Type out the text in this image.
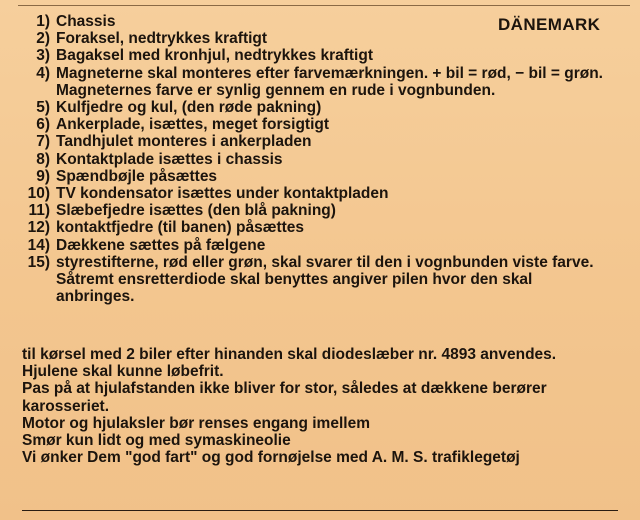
DÄNEMARK
1) Chassis
2) Foraksel, nedtrykkes kraftigt
3) Bagaksel med kronhjul, nedtrykkes kraftigt
4) Magneterne skal monteres efter farvemærkningen. + bil = rød, − bil = grøn. Magneternes farve er synlig gennem en rude i vognbunden.
5) Kulfjedre og kul, (den røde pakning)
6) Ankerplade, isættes, meget forsigtigt
7) Tandhjulet monteres i ankerpladen
8) Kontaktplade isættes i chassis
9) Spændbøjle påsættes
10) TV kondensator isættes under kontaktpladen
11) Slæbefjedre isættes (den blå pakning)
12) kontaktfjedre (til banen) påsættes
14) Dækkene sættes på fælgene
15) styrestifterne, rød eller grøn, skal svarer til den i vognbunden viste farve. Såtremt ensretterdiode skal benyttes angiver pilen hvor den skal anbringes.
til kørsel med 2 biler efter hinanden skal diodeslæber nr. 4893 anvendes.
Hjulene skal kunne løbefrit.
Pas på at hjulafstanden ikke bliver for stor, således at dækkene berører karosseriet.
Motor og hjulaksler bør renses engang imellem
Smør kun lidt og med symaskineolie
Vi ønker Dem "god fart" og god fornøjelse med A. M. S. trafiklegetøj
